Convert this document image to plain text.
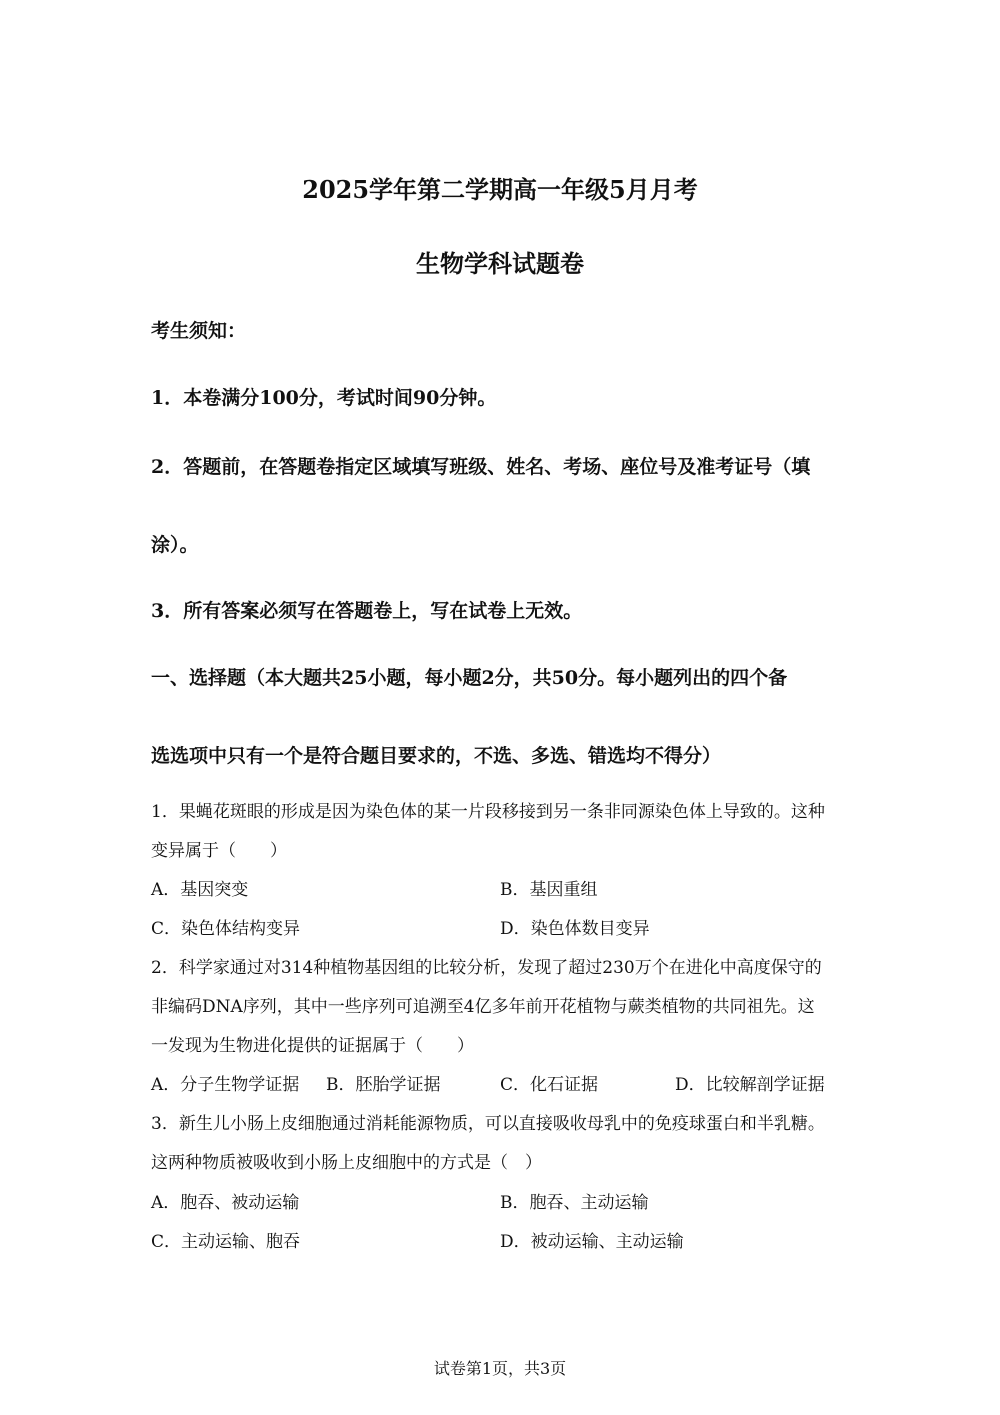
2025学年第二学期高一年级5月月考
生物学科试题卷
考生须知：
1．本卷满分100分，考试时间90分钟。
2．答题前，在答题卷指定区域填写班级、姓名、考场、座位号及准考证号（填
涂）。
3．所有答案必须写在答题卷上，写在试卷上无效。
一、选择题（本大题共25小题，每小题2分，共50分。每小题列出的四个备
选选项中只有一个是符合题目要求的，不选、多选、错选均不得分）
1．果蝇花斑眼的形成是因为染色体的某一片段移接到另一条非同源染色体上导致的。这种
变异属于（　　）
A．基因突变	B．基因重组
C．染色体结构变异	D．染色体数目变异
2．科学家通过对314种植物基因组的比较分析，发现了超过230万个在进化中高度保守的
非编码DNA序列，其中一些序列可追溯至4亿多年前开花植物与蕨类植物的共同祖先。这
一发现为生物进化提供的证据属于（　　）
A．分子生物学证据 B．胚胎学证据	C．化石证据	D．比较解剖学证据
3．新生儿小肠上皮细胞通过消耗能源物质，可以直接吸收母乳中的免疫球蛋白和半乳糖。
这两种物质被吸收到小肠上皮细胞中的方式是（　）
A．胞吞、被动运输	B．胞吞、主动运输
C．主动运输、胞吞	D．被动运输、主动运输
试卷第1页，共3页
